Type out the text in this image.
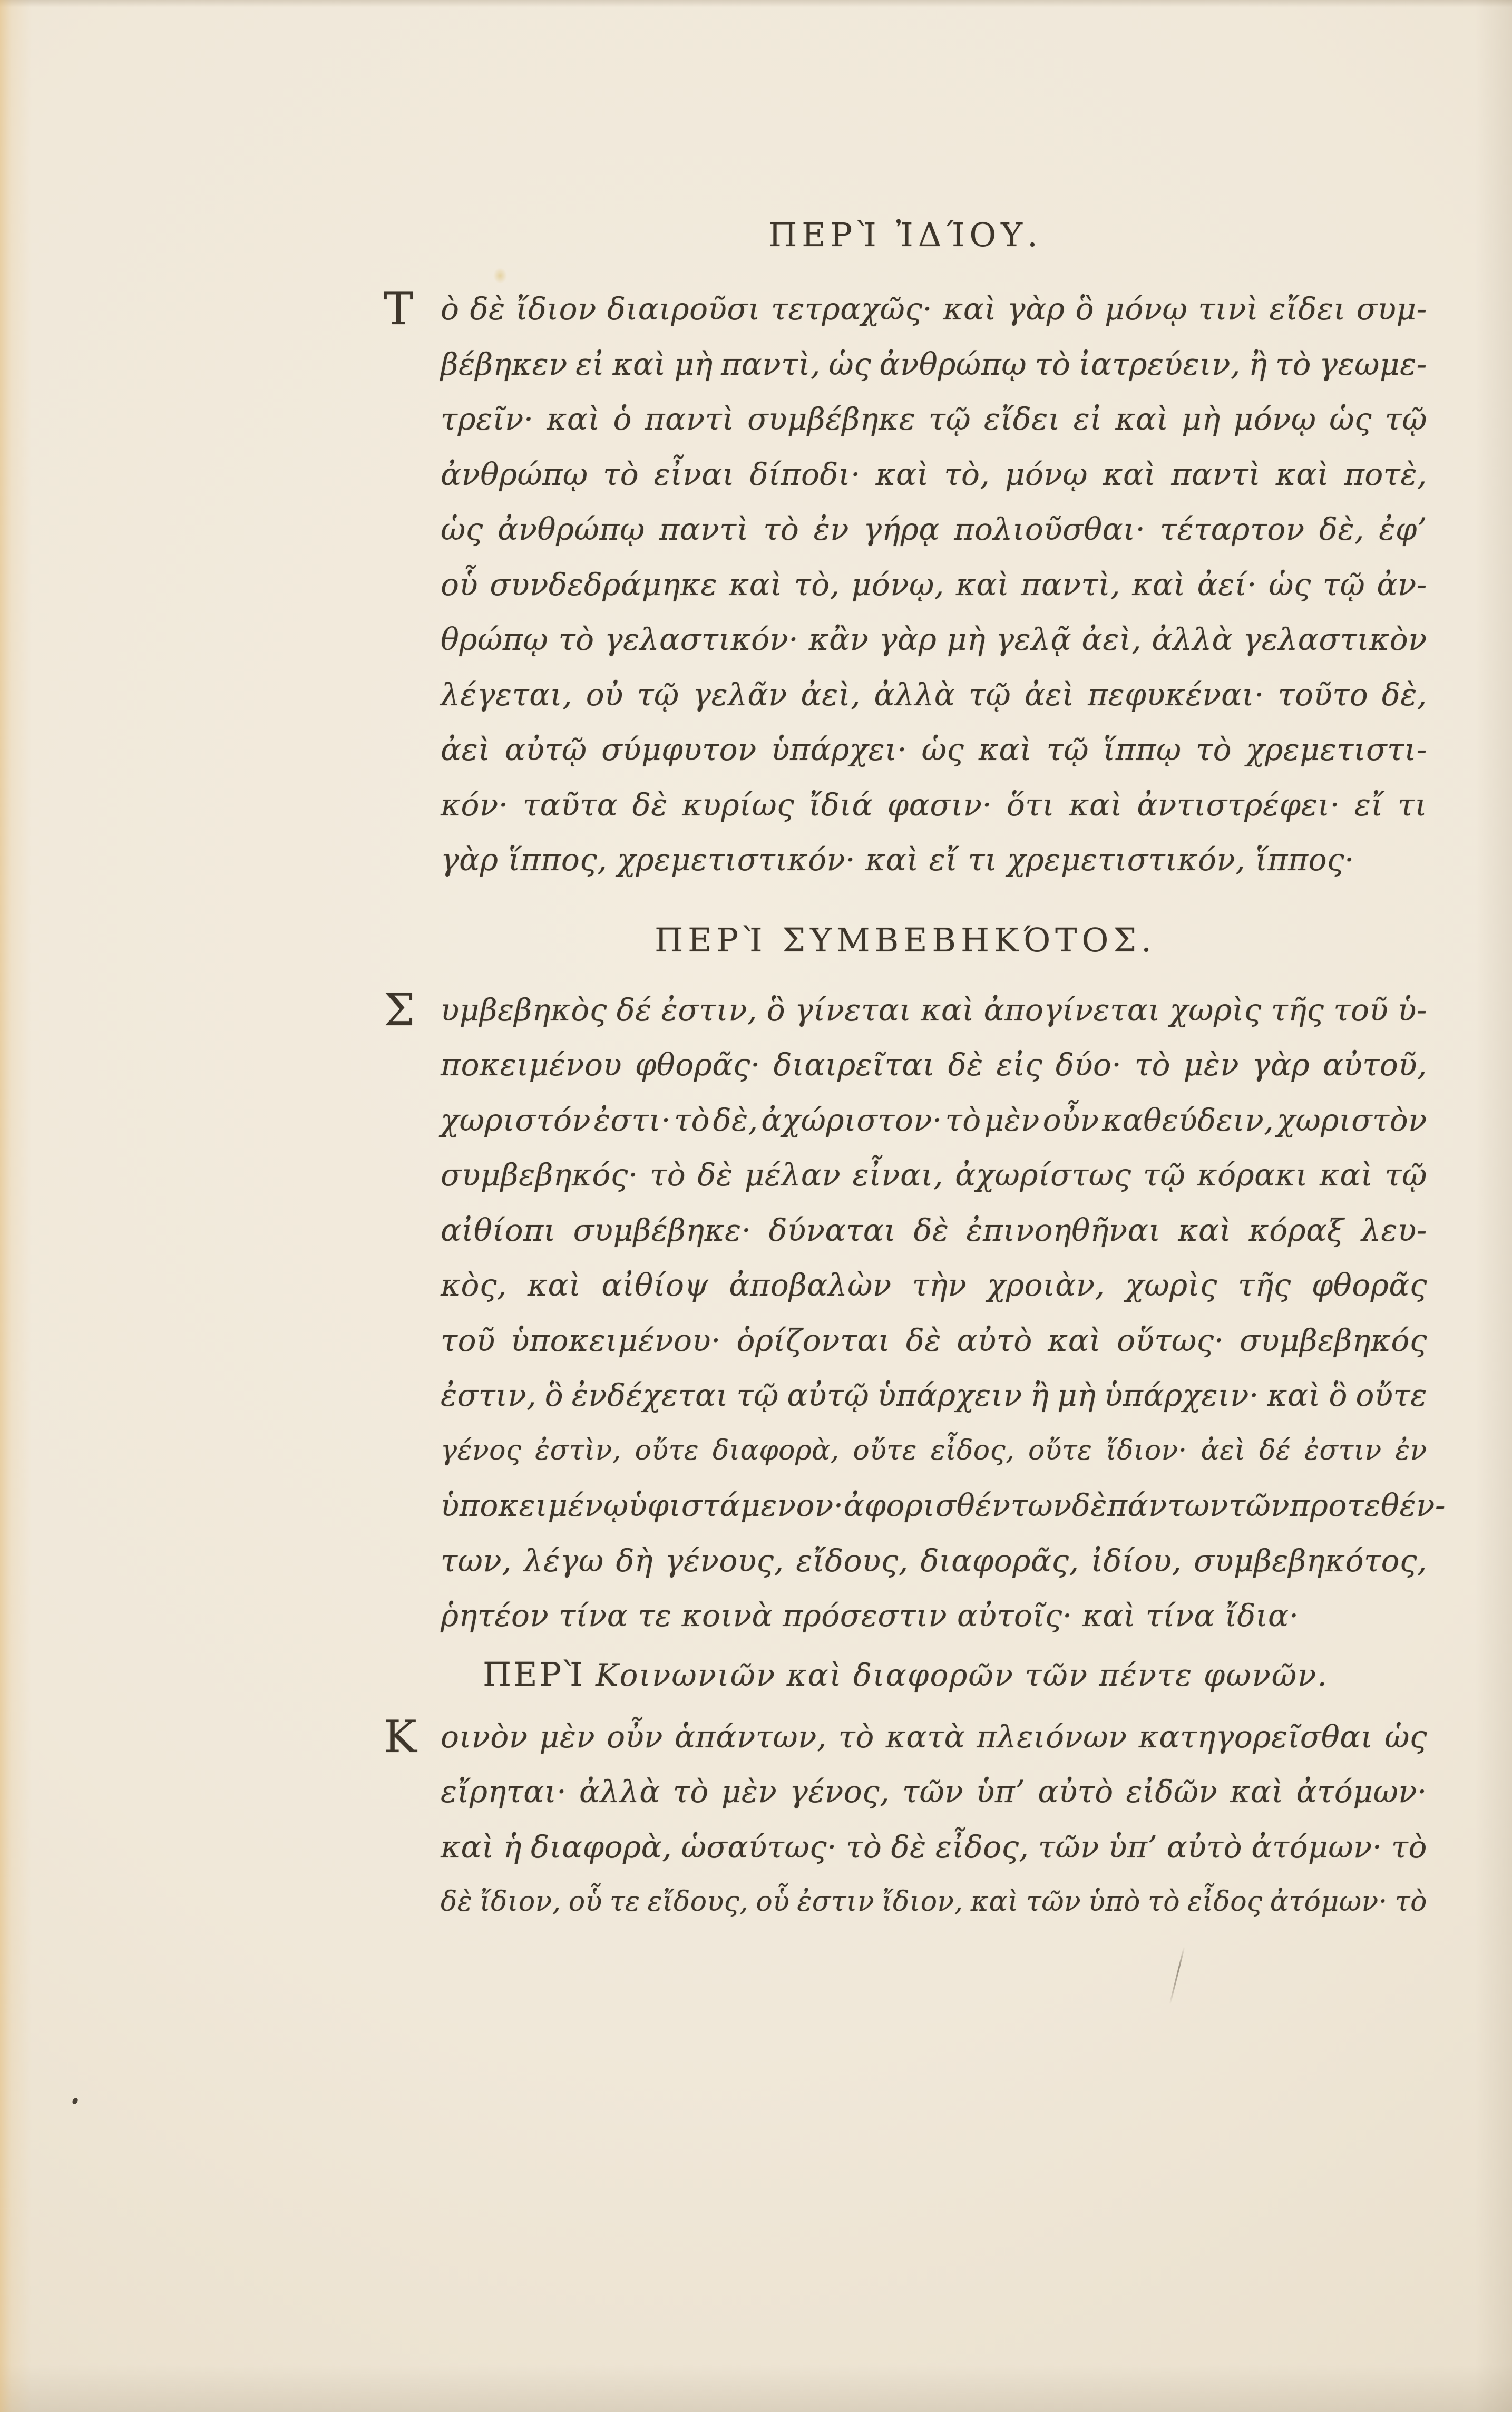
ΠΕΡῚ ἸΔΊΟΥ.
Τ ὸ δὲ ἴδιον διαιροῦσι τετραχῶς· καὶ γὰρ ὃ μόνῳ τινὶ εἴδει συμ-
βέβηκεν εἰ καὶ μὴ παντὶ, ὡς ἀνθρώπῳ τὸ ἰατρεύειν, ἢ τὸ γεωμε-
τρεῖν· καὶ ὁ παντὶ συμβέβηκε τῷ εἴδει εἰ καὶ μὴ μόνῳ ὡς τῷ
ἀνθρώπῳ τὸ εἶναι δίποδι· καὶ τὸ, μόνῳ καὶ παντὶ καὶ ποτὲ,
ὡς ἀνθρώπῳ παντὶ τὸ ἐν γήρᾳ πολιοῦσθαι· τέταρτον δὲ, ἐφ’
οὗ συνδεδράμηκε καὶ τὸ, μόνῳ, καὶ παντὶ, καὶ ἀεί· ὡς τῷ ἀν-
θρώπῳ τὸ γελαστικόν· κἂν γὰρ μὴ γελᾷ ἀεὶ, ἀλλὰ γελαστικὸν
λέγεται, οὐ τῷ γελᾶν ἀεὶ, ἀλλὰ τῷ ἀεὶ πεφυκέναι· τοῦτο δὲ,
ἀεὶ αὐτῷ σύμφυτον ὑπάρχει· ὡς καὶ τῷ ἵππῳ τὸ χρεμετιστι-
κόν· ταῦτα δὲ κυρίως ἴδιά φασιν· ὅτι καὶ ἀντιστρέφει· εἴ τι
γὰρ ἵππος, χρεμετιστικόν· καὶ εἴ τι χρεμετιστικόν, ἵππος·
ΠΕΡῚ ΣΥΜΒΕΒΗΚΌΤΟΣ.
Σ υμβεβηκὸς δέ ἐστιν, ὃ γίνεται καὶ ἀπογίνεται χωρὶς τῆς τοῦ ὑ-
ποκειμένου φθορᾶς· διαιρεῖται δὲ εἰς δύο· τὸ μὲν γὰρ αὐτοῦ,
χωριστόν ἐστι· τὸ δὲ, ἀχώριστον· τὸ μὲν οὖν καθεύδειν, χωριστὸν
συμβεβηκός· τὸ δὲ μέλαν εἶναι, ἀχωρίστως τῷ κόρακι καὶ τῷ
αἰθίοπι συμβέβηκε· δύναται δὲ ἐπινοηθῆναι καὶ κόραξ λευ-
κὸς, καὶ αἰθίοψ ἀποβαλὼν τὴν χροιὰν, χωρὶς τῆς φθορᾶς
τοῦ ὑποκειμένου· ὁρίζονται δὲ αὐτὸ καὶ οὕτως· συμβεβηκός
ἐστιν, ὃ ἐνδέχεται τῷ αὐτῷ ὑπάρχειν ἢ μὴ ὑπάρχειν· καὶ ὃ οὔτε
γένος ἐστὶν, οὔτε διαφορὰ, οὔτε εἶδος, οὔτε ἴδιον· ἀεὶ δέ ἐστιν ἐν
ὑποκειμένῳ ὑφιστάμενον· ἀφορισθέντων δὲ πάντων τῶν προτεθέν-
των, λέγω δὴ γένους, εἴδους, διαφορᾶς, ἰδίου, συμβεβηκότος,
ῥητέον τίνα τε κοινὰ πρόσεστιν αὐτοῖς· καὶ τίνα ἴδια·
ΠΕΡῚ Κοινωνιῶν καὶ διαφορῶν τῶν πέντε φωνῶν.
Κ οινὸν μὲν οὖν ἁπάντων, τὸ κατὰ πλειόνων κατηγορεῖσθαι ὡς
εἴρηται· ἀλλὰ τὸ μὲν γένος, τῶν ὑπ’ αὐτὸ εἰδῶν καὶ ἀτόμων·
καὶ ἡ διαφορὰ, ὡσαύτως· τὸ δὲ εἶδος, τῶν ὑπ’ αὐτὸ ἀτόμων· τὸ
δὲ ἴδιον, οὗ τε εἴδους, οὗ ἐστιν ἴδιον, καὶ τῶν ὑπὸ τὸ εἶδος ἀτόμων· τὸ
